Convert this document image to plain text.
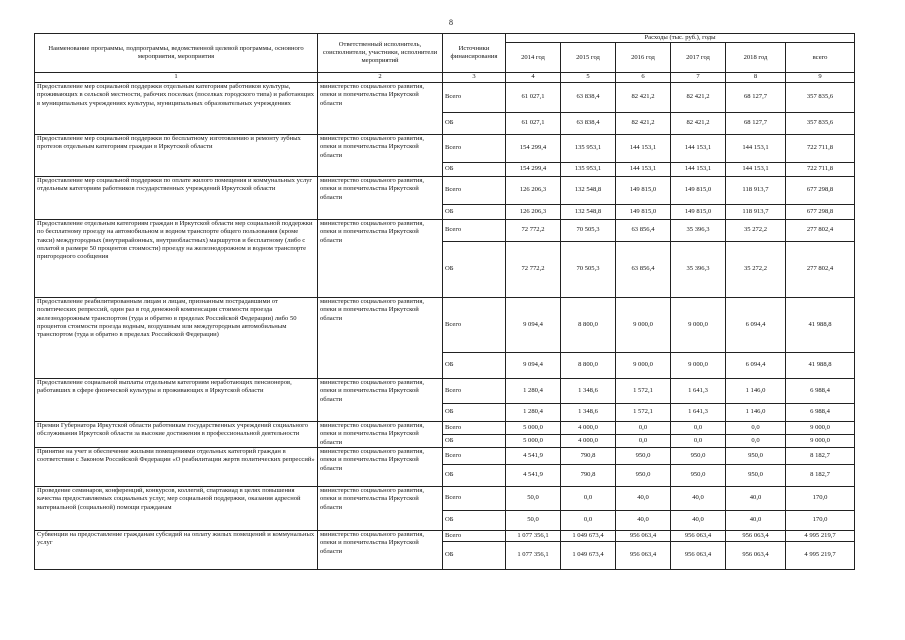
8
Наименование программы, подпрограммы, ведомственной целевой программы, основного мероприятия, мероприятия	Ответственный исполнитель, соисполнители, участники, исполнители мероприятий	Источники финансирования	Расходы (тыс. руб.), годы					
			2014 год	2015 год	2016 год	2017 год	2018 год	всего
1	2	3	4	5	6	7	8	9
Предоставление мер социальной поддержки отдельным категориям работников культуры, проживающих в сельской местности, рабочих поселках (поселках городского типа) и работающих в муниципальных учреждениях культуры, муниципальных образовательных учреждениях	министерство социального развития, опеки и попечительства Иркутской области	Всего	61 027,1	63 838,4	82 421,2	82 421,2	68 127,7	357 835,6
		ОБ	61 027,1	63 838,4	82 421,2	82 421,2	68 127,7	357 835,6
Предоставление мер социальной поддержки по бесплатному изготовлению и ремонту зубных протезов отдельным категориям граждан в Иркутской области	министерство социального развития, опеки и попечительства Иркутской области	Всего	154 299,4	135 953,1	144 153,1	144 153,1	144 153,1	722 711,8
		ОБ	154 299,4	135 953,1	144 153,1	144 153,1	144 153,1	722 711,8
Предоставление мер социальной поддержки по оплате жилого помещения и коммунальных услуг отдельным категориям работников государственных учреждений Иркутской области	министерство социального развития, опеки и попечительства Иркутской области	Всего	126 206,3	132 548,8	149 815,0	149 815,0	118 913,7	677 298,8
		ОБ	126 206,3	132 548,8	149 815,0	149 815,0	118 913,7	677 298,8
Предоставление отдельным категориям граждан в Иркутской области мер социальной поддержки по бесплатному проезду на автомобильном и водном транспорте общего пользования (кроме такси) междугородных (внутрирайонных, внутриобластных) маршрутов и бесплатному (либо с оплатой в размере 50 процентов стоимости) проезду на железнодорожном и водном транспорте пригородного сообщения	министерство социального развития, опеки и попечительства Иркутской области	Всего	72 772,2	70 505,3	63 856,4	35 396,3	35 272,2	277 802,4
		ОБ	72 772,2	70 505,3	63 856,4	35 396,3	35 272,2	277 802,4
Предоставление реабилитированным лицам и лицам, признанным пострадавшими от политических репрессий, один раз в год денежной компенсации стоимости проезда железнодорожным транспортом (туда и обратно в пределах Российской Федерации) либо 50 процентов стоимости проезда водным, воздушным или междугородным автомобильным транспортом (туда и обратно в пределах Российской Федерации)	министерство социального развития, опеки и попечительства Иркутской области	Всего	9 094,4	8 800,0	9 000,0	9 000,0	6 094,4	41 988,8
		ОБ	9 094,4	8 800,0	9 000,0	9 000,0	6 094,4	41 988,8
Предоставление социальной выплаты отдельным категориям неработающих пенсионеров, работавших в сфере физической культуры и проживающих в Иркутской области	министерство социального развития, опеки и попечительства Иркутской области	Всего	1 280,4	1 348,6	1 572,1	1 641,3	1 146,0	6 988,4
		ОБ	1 280,4	1 348,6	1 572,1	1 641,3	1 146,0	6 988,4
Премии Губернатора Иркутской области работникам государственных учреждений социального обслуживания Иркутской области за высокие достижения в профессиональной деятельности	министерство социального развития, опеки и попечительства Иркутской области	Всего	5 000,0	4 000,0	0,0	0,0	0,0	9 000,0
		ОБ	5 000,0	4 000,0	0,0	0,0	0,0	9 000,0
Принятие на учет и обеспечение жилыми помещениями отдельных категорий граждан в соответствии с Законом Российской Федерации «О реабилитации жертв политических репрессий»	министерство социального развития, опеки и попечительства Иркутской области	Всего	4 541,9	790,8	950,0	950,0	950,0	8 182,7
		ОБ	4 541,9	790,8	950,0	950,0	950,0	8 182,7
Проведение семинаров, конференций, конкурсов, коллегий, спартакиад в целях повышения качества предоставляемых социальных услуг, мер социальной поддержки, оказания адресной материальной (социальной) помощи гражданам	министерство социального развития, опеки и попечительства Иркутской области	Всего	50,0	0,0	40,0	40,0	40,0	170,0
		ОБ	50,0	0,0	40,0	40,0	40,0	170,0
Субвенции на предоставление гражданам субсидий на оплату жилых помещений и коммунальных услуг	министерство социального развития, опеки и попечительства Иркутской области	Всего	1 077 356,1	1 049 673,4	956 063,4	956 063,4	956 063,4	4 995 219,7
		ОБ	1 077 356,1	1 049 673,4	956 063,4	956 063,4	956 063,4	4 995 219,7
